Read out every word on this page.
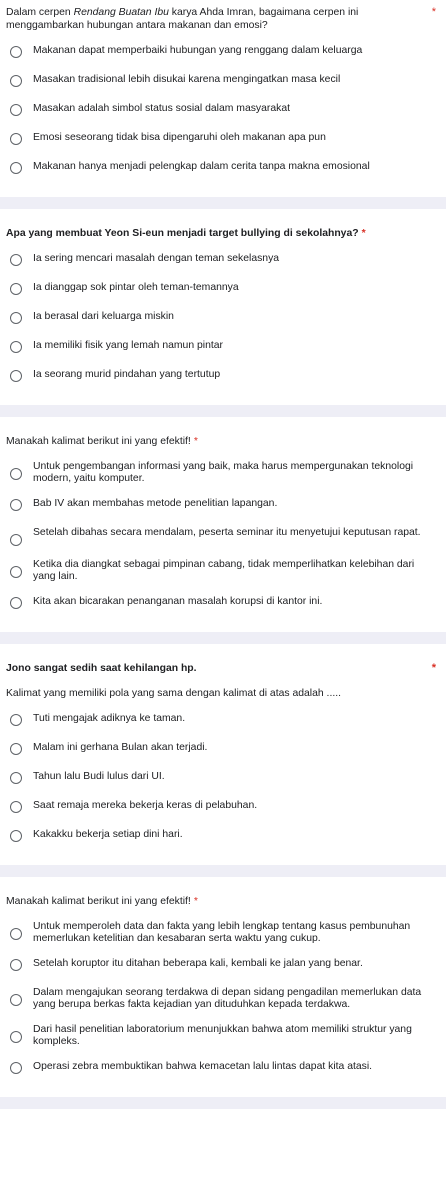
Dalam cerpen Rendang Buatan Ibu karya Ahda Imran, bagaimana cerpen ini menggambarkan hubungan antara makanan dan emosi?
*
Makanan dapat memperbaiki hubungan yang renggang dalam keluarga
Masakan tradisional lebih disukai karena mengingatkan masa kecil
Masakan adalah simbol status sosial dalam masyarakat
Emosi seseorang tidak bisa dipengaruhi oleh makanan apa pun
Makanan hanya menjadi pelengkap dalam cerita tanpa makna emosional
Apa yang membuat Yeon Si-eun menjadi target bullying di sekolahnya? *
Ia sering mencari masalah dengan teman sekelasnya
Ia dianggap sok pintar oleh teman-temannya
Ia berasal dari keluarga miskin
Ia memiliki fisik yang lemah namun pintar
Ia seorang murid pindahan yang tertutup
Manakah kalimat berikut ini yang efektif! *
Untuk pengembangan informasi yang baik, maka harus mempergunakan teknologi modern, yaitu komputer.
Bab IV akan membahas metode penelitian lapangan.
Setelah dibahas secara mendalam, peserta seminar itu menyetujui keputusan rapat.
Ketika dia diangkat sebagai pimpinan cabang, tidak memperlihatkan kelebihan dari yang lain.
Kita akan bicarakan penanganan masalah korupsi di kantor ini.
Jono sangat sedih saat kehilangan hp.	*
Kalimat yang memiliki pola yang sama dengan kalimat di atas adalah .....
Tuti mengajak adiknya ke taman.
Malam ini gerhana Bulan akan terjadi.
Tahun lalu Budi lulus dari UI.
Saat remaja mereka bekerja keras di pelabuhan.
Kakakku bekerja setiap dini hari.
Manakah kalimat berikut ini yang efektif! *
Untuk memperoleh data dan fakta yang lebih lengkap tentang kasus pembunuhan memerlukan ketelitian dan kesabaran serta waktu yang cukup.
Setelah koruptor itu ditahan beberapa kali, kembali ke jalan yang benar.
Dalam mengajukan seorang terdakwa di depan sidang pengadilan memerlukan data yang berupa berkas fakta kejadian yan dituduhkan kepada terdakwa.
Dari hasil penelitian laboratorium menunjukkan bahwa atom memiliki struktur yang kompleks.
Operasi zebra membuktikan bahwa kemacetan lalu lintas dapat kita atasi.
